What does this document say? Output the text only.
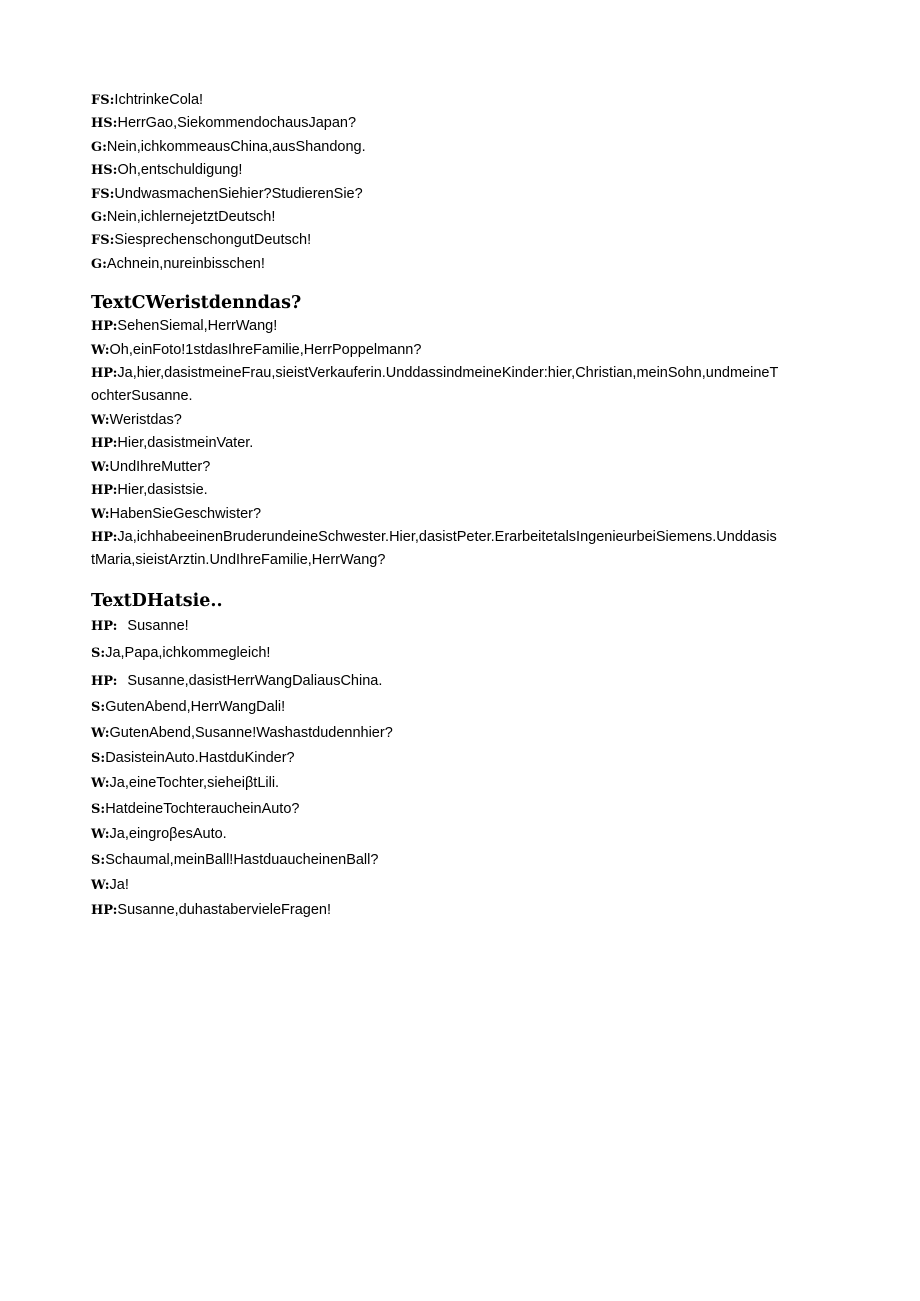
FS:IchtrinkeCola!
HS:HerrGao,SiekommendochausJapan?
G:Nein,ichkommeausChina,ausShandong.
HS:Oh,entschuldigung!
FS:UndwasmachenSiehier?StudierenSie?
G:Nein,ichlernejetztDeutsch!
FS:SiesprechenschongutDeutsch!
G:Achnein,nureinbisschen!
TextCWeristdenndas?
HP:SehenSiemal,HerrWang!
W:Oh,einFoto!1stdasIhreFamilie,HerrPoppelmann?
HP:Ja,hier,dasistmeineFrau,sieistVerkauferin.UnddassindmeineKinder:hier,Christian,meinSohn,undmeineT
ochterSusanne.
W:Weristdas?
HP:Hier,dasistmeinVater.
W:UndIhreMutter?
HP:Hier,dasistsie.
W:HabenSieGeschwister?
HP:Ja,ichhabeeinenBruderundeineSchwester.Hier,dasistPeter.ErarbeitetalsIngenieurbeiSiemens.Unddasis
tMaria,sieistArztin.UndIhreFamilie,HerrWang?
TextDHatsie..
HP: Susanne!
S:Ja,Papa,ichkommegleich!
HP: Susanne,dasistHerrWangDaliausChina.
S:GutenAbend,HerrWangDali!
W:GutenAbend,Susanne!Washastdudennhier?
S:DasisteinAuto.HastduKinder?
W:Ja,eineTochter,sieheiβtLili.
S:HatdeineTochteraucheinAuto?
W:Ja,eingroβesAuto.
S:Schaumal,meinBall!HastduaucheinenBall?
W:Ja!
HP:Susanne,duhastabervieleFragen!
